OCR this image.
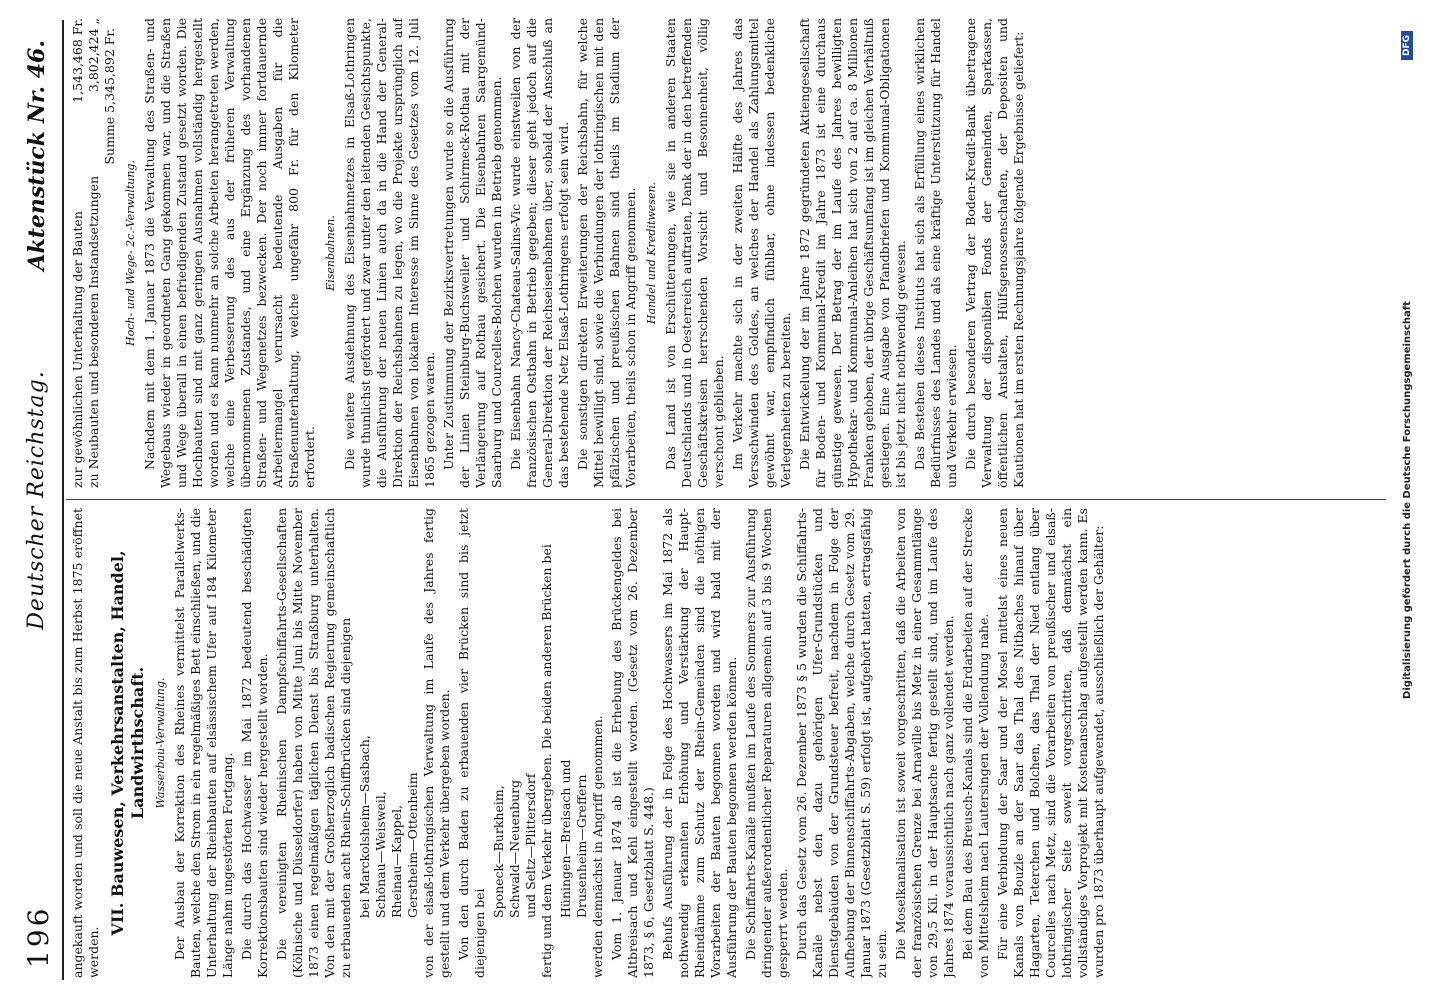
196
Deutscher Reichstag.
Aktenstück Nr. 46.

angekauft worden und soll die neue Anstalt bis zum Herbst 1875 eröffnet werden.

VII. Bauwesen, Verkehrsanstalten, Handel, Landwirthschaft. Wasserbau-Verwaltung. Der Ausbau der Korrektion des Rheines vermittelst Parallelwerks-Bauten, welche den Strom in ein regelmäßiges Bett einschließen, und die Unterhaltung der Rheinbauten auf elsässischem Ufer auf 184 Kilometer Länge nahm ungestörten Fortgang. Die durch das Hochwasser im Mai 1872 bedeutend beschädigten Korrektionsbauten sind wieder hergestellt worden. Die vereinigten Rheinischen Dampfschiffahrts-Gesellschaften (Kölnische und Düsseldorfer) haben von Mitte Juni bis Mitte November 1873 einen regelmäßigen täglichen Dienst bis Straßburg unterhalten. Von den mit der Großherzoglich badischen Regierung gemeinschaftlich zu erbauenden acht Rhein-Schiffbrücken sind diejenigen bei Marckolsheim—Sasbach, Schönau—Weisweil, Rheinau—Kappel, Gerstheim—Ottenheim von der elsaß-lothringischen Verwaltung im Laufe des Jahres fertig gestellt und dem Verkehr übergeben worden. Von den durch Baden zu erbauenden vier Brücken sind bis jetzt diejenigen bei

Sponeck—Burkheim, Schwald—Neuenburg und Seltz—Plittersdorf fertig und dem Verkehr übergeben. Die beiden anderen Brücken bei Hüningen—Breisach und Drusenheim—Greffern werden demnächst in Angriff genommen. Vom 1. Januar 1874 ab ist die Erhebung des Brückengeldes bei Altbreisach und Kehl eingestellt worden. (Gesetz vom 26. Dezember 1873, § 6, Gesetzblatt S. 448.) Behufs Ausführung der in Folge des Hochwassers im Mai 1872 als nothwendig erkannten Erhöhung und Verstärkung der Haupt-Rheindämme zum Schutz der Rhein-Gemeinden sind die nöthigen Vorarbeiten der Bauten begonnen worden und wird bald mit der Ausführung der Bauten begonnen werden können. Die Schiffahrts-Kanäle mußten im Laufe des Sommers zur Ausführung dringender außerordentlicher Reparaturen allgemein auf 3 bis 9 Wochen gesperrt werden. Durch das Gesetz vom 26. Dezember 1873 § 5 wurden die Schiffahrts-Kanäle nebst den dazu gehörigen Ufer-Grundstücken und Dienstgebäuden von der Grundsteuer befreit, nachdem in Folge der Aufhebung der Binnenschiffahrts-Abgaben, welche durch Gesetz vom 29. Januar 1873 (Gesetzblatt S. 59) erfolgt ist, aufgehört hatten, ertragsfähig zu sein. Die Moselkanalisation ist soweit vorgeschritten, daß die Arbeiten von der französischen Grenze bei Arnaville bis Metz in einer Gesammtlänge von 29,5 Kil. in der Hauptsache fertig gestellt sind, und im Laufe des Jahres 1874 voraussichtlich nach ganz vollendet werden. Bei dem Bau des Breusch-Kanals sind die Erdarbeiten auf der Strecke von Mittelsheim nach Lautersingen der Vollendung nahe. Für eine Verbindung der Saar und der Mosel mittelst eines neuen Kanals von Bouzle an der Saar das Thal des Nitbaches hinauf über Hagarten, Teterchen und Bolchen, das Thal der Nied entlang über Courcelles nach Metz, sind die Vorarbeiten von preußischer und elsaß-lothringischer Seite soweit vorgeschritten, daß demnächst ein vollständiges Vorprojekt mit Kostenanschlag aufgestellt werden kann. Es wurden pro 1873 überhaupt aufgewendet, ausschließlich der Gehälter:

zur gewöhnlichen Unterhaltung der Bauten
1,543,468 Fr.
zu Neubauten und besonderen Instandsetzungen
3,802,424 „ Summe 5,345,892 Fr.
Hoch- und Wege- 2c.-Verwaltung. Nachdem mit dem 1. Januar 1873 die Verwaltung des Straßen- und Wegebaus wieder in geordneten Gang gekommen war, und die Straßen und Wege überall in einen befriedigenden Zustand gesetzt worden. Die Hochbauten sind mit ganz geringen Ausnahmen vollständig hergestellt worden und es kann nunmehr an solche Arbeiten herangetreten werden, welche eine Verbesserung des aus der früheren Verwaltung übernommenen Zustandes, und eine Ergänzung des vorhandenen Straßen- und Wegenetzes bezwecken. Der noch immer fortdauernde Arbeitermangel verursacht bedeutende Ausgaben für die Straßenunterhaltung, welche ungefähr 800 Fr. für den Kilometer erfordert.

Eisenbahnen. Die weitere Ausdehnung des Eisenbahnnetzes in Elsaß-Lothringen wurde thunlichst gefördert und zwar unter den leitenden Gesichtspunkte, die Ausführung der neuen Linien auch da in die Hand der General-Direktion der Reichsbahnen zu legen, wo die Projekte ursprünglich auf Eisenbahnen von lokalem Interesse im Sinne des Gesetzes vom 12. Juli 1865 gezogen waren. Unter Zustimmung der Bezirksvertretungen wurde so die Ausführung der Linien Steinburg-Buchsweiler und Schirmeck-Rothau mit der Verlängerung auf Rothau gesichert. Die Eisenbahnen Saargemünd-Saarburg und Courcelles-Bolchen wurden in Betrieb genommen. Die Eisenbahn Nancy-Chateau-Salins-Vic wurde einstweilen von der französischen Ostbahn in Betrieb gegeben; dieser geht jedoch auf die General-Direktion der Reichseisenbahnen über, sobald der Anschluß an das bestehende Netz Elsaß-Lothringens erfolgt sein wird. Die sonstigen direkten Erweiterungen der Reichsbahn, für welche Mittel bewilligt sind, sowie die Verbindungen der lothringischen mit den pfälzischen und preußischen Bahnen sind theils im Stadium der Vorarbeiten, theils schon in Angriff genommen. Handel und Kreditwesen. Das Land ist von Erschütterungen, wie sie in anderen Staaten Deutschlands und in Oesterreich auftraten, Dank der in den betreffenden Geschäftskreisen herrschenden Vorsicht und Besonnenheit, völlig verschont geblieben. Im Verkehr machte sich in der zweiten Hälfte des Jahres das Versschwinden des Goldes, an welches der Handel als Zahlungsmittel gewöhnt war, empfindlich fühlbar, ohne indessen bedenkliche Verlegenheiten zu bereiten. Die Entwickelung der im Jahre 1872 gegründeten Aktiengesellschaft für Boden- und Kommunal-Kredit im Jahre 1873 ist eine durchaus günstige gewesen. Der Betrag der im Laufe des Jahres bewilligten Hypothekar- und Kommunal-Anleihen hat sich von 2 auf ca. 8 Millionen Franken gehoben, der übrige Geschäftsumfang ist im gleichen Verhältniß gestiegen. Eine Ausgabe von Pfandbriefen und Kommunal-Obligationen ist bis jetzt nicht nothwendig gewesen. Das Bestehen dieses Instituts hat sich als Erfüllung eines wirklichen Bedürfnisses des Landes und als eine kräftige Unterstützung für Handel und Verkehr erwiesen. Die durch besonderen Vertrag der Boden-Kredit-Bank übertragene Verwaltung der disponiblen Fonds der Gemeinden, Sparkassen, öffentlichen Anstalten, Hülfsgenossenschaften, der Depositen und Kautionen hat im ersten Rechnungsjahre folgende Ergebnisse geliefert:

Digitalisierung gefördert durch die Deutsche Forschungsgemeinschaft
DFG
